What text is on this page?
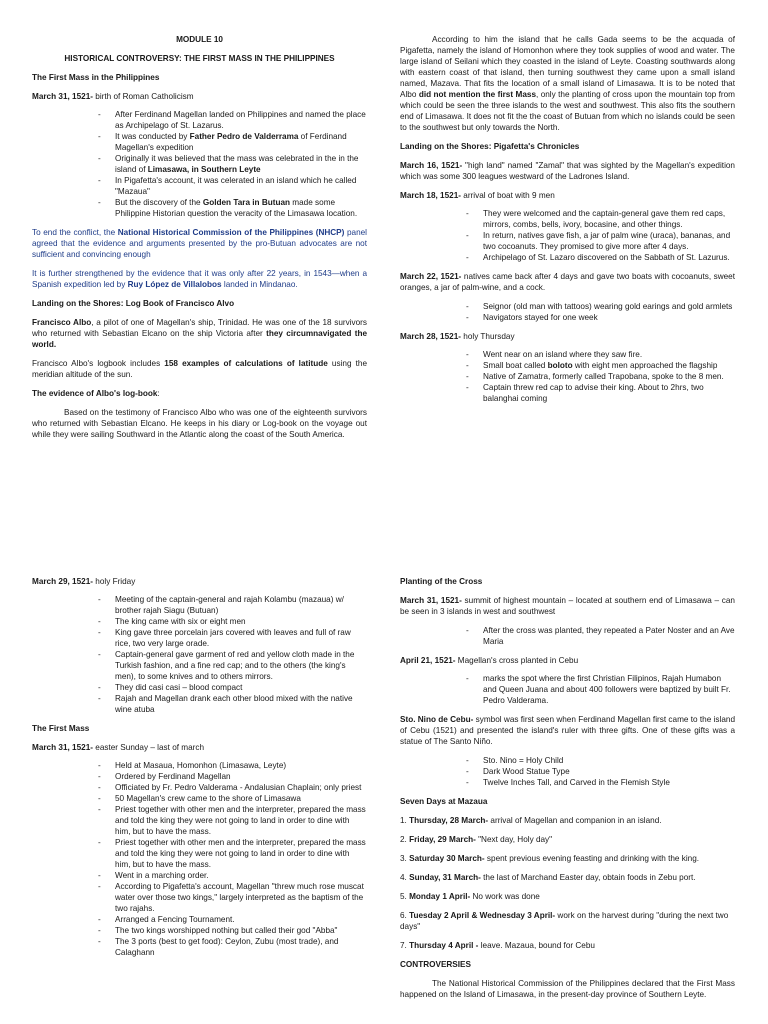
MODULE 10
HISTORICAL CONTROVERSY: THE FIRST MASS IN THE PHILIPPINES
The First Mass in the Philippines
March 31, 1521- birth of Roman Catholicism
- After Ferdinand Magellan landed on Philippines and named the place as Archipelago of St. Lazarus.
- It was conducted by Father Pedro de Valderrama of Ferdinand Magellan's expedition
- Originally it was believed that the mass was celebrated in the in the island of Limasawa, in Southern Leyte
- In Pigafetta's account, it was celerated in an island which he called "Mazaua"
- But the discovery of the Golden Tara in Butuan made some Philippine Historian question the veracity of the Limasawa location.

To end the conflict, the National Historical Commission of the Philippines (NHCP) panel agreed that the evidence and arguments presented by the pro-Butuan advocates are not sufficient and convincing enough

It is further strengthened by the evidence that it was only after 22 years, in 1543—when a Spanish expedition led by Ruy López de Villalobos landed in Mindanao.

Landing on the Shores: Log Book of Francisco Alvo

Francisco Albo, a pilot of one of Magellan's ship, Trinidad. He was one of the 18 survivors who returned with Sebastian Elcano on the ship Victoria after they circumnavigated the world.

Francisco Albo's logbook includes 158 examples of calculations of latitude using the meridian altitude of the sun.

The evidence of Albo's log-book:

Based on the testimony of Francisco Albo who was one of the eighteenth survivors who returned with Sebastian Elcano. He keeps in his diary or Log-book on the voyage out while they were sailing Southward in the Atlantic along the coast of the South America.

According to him the island that he calls Gada seems to be the acquada of Pigafetta, namely the island of Homonhon where they took supplies of wood and water. The large island of Seilani which they coasted in the island of Leyte. Coasting southwards along with eastern coast of that island, then turning southwest they came upon a small island named, Mazava. That fits the location of a small island of Limasawa. It is to be noted that Albo did not mention the first Mass, only the planting of cross upon the mountain top from which could be seen the three islands to the west and southwest. This also fits the southern end of Limasawa. It does not fit the the coast of Butuan from which no islands could be seen to the southwest but only towards the North.

Landing on the Shores: Pigafetta's Chronicles

March 16, 1521- "high land" named "Zamal" that was sighted by the Magellan's expedition which was some 300 leagues westward of the Ladrones Island.

March 18, 1521- arrival of boat with 9 men
- They were welcomed and the captain-general gave them red caps, mirrors, combs, bells, ivory, bocasine, and other things.
- In return, natives gave fish, a jar of palm wine (uraca), bananas, and two cocoanuts. They promised to give more after 4 days.
- Archipelago of St. Lazaro discovered on the Sabbath of St. Lazurus.

March 22, 1521- natives came back after 4 days and gave two boats with cocoanuts, sweet oranges, a jar of palm-wine, and a cock.

- Seignor (old man with tattoos) wearing gold earings and gold armlets
- Navigators stayed for one week
March 28, 1521- holy Thursday
- Went near on an island where they saw fire.
- Small boat called boloto with eight men approached the flagship
- Native of Zamatra, formerly called Trapobana, spoke to the 8 men.
- Captain threw red cap to advise their king. About to 2hrs, two balanghai coming
March 29, 1521- holy Friday
- Meeting of the captain-general and rajah Kolambu (mazaua) w/ brother rajah Siagu (Butuan)
- The king came with six or eight men
- King gave three porcelain jars covered with leaves and full of raw rice, two very large orade.
- Captain-general gave garment of red and yellow cloth made in the Turkish fashion, and a fine red cap; and to the others (the king's men), to some knives and to others mirrors.
- They did casi casi – blood compact
- Rajah and Magellan drank each other blood mixed with the native wine atuba
The First Mass
March 31, 1521- easter Sunday – last of march
- Held at Masaua, Homonhon (Limasawa, Leyte)
- Ordered by Ferdinand Magellan
- Officiated by Fr. Pedro Valderama - Andalusian Chaplain; only priest
- 50 Magellan's crew came to the shore of Limasawa
- Priest together with other men and the interpreter, prepared the mass and told the king they were not going to land in order to dine with him, but to have the mass.
- Priest together with other men and the interpreter, prepared the mass and told the king they were not going to land in order to dine with him, but to have the mass.
- Went in a marching order.
- According to Pigafetta's account, Magellan "threw much rose muscat water over those two kings," largely interpreted as the baptism of the two rajahs.
- Arranged a Fencing Tournament.
- The two kings worshipped nothing but called their god "Abba"
- The 3 ports (best to get food): Ceylon, Zubu (most trade), and Calaghann
Planting of the Cross

March 31, 1521- summit of highest mountain – located at southern end of Limasawa – can be seen in 3 islands in west and southwest

- After the cross was planted, they repeated a Pater Noster and an Ave Maria
April 21, 1521- Magellan's cross planted in Cebu
- marks the spot where the first Christian Filipinos, Rajah Humabon and Queen Juana and about 400 followers were baptized by built Fr. Pedro Valderama.

Sto. Nino de Cebu- symbol was first seen when Ferdinand Magellan first came to the island of Cebu (1521) and presented the island's ruler with three gifts. One of these gifts was a statue of The Santo Niño.

- Sto. Nino = Holy Child
- Dark Wood Statue Type
- Twelve Inches Tall, and Carved in the Flemish Style
Seven Days at Mazaua
1. Thursday, 28 March- arrival of Magellan and companion in an island.
2. Friday, 29 March- "Next day, Holy day"
3. Saturday 30 March- spent previous evening feasting and drinking with the king.
4. Sunday, 31 March- the last of Marchand Easter day, obtain foods in Zebu port.
5. Monday 1 April- No work was done
6. Tuesday 2 April & Wednesday 3 April- work on the harvest during "during the next two days"
7. Thursday 4 April - leave. Mazaua, bound for Cebu
CONTROVERSIES

The National Historical Commission of the Philippines declared that the First Mass happened on the Island of Limasawa, in the present-day province of Southern Leyte.
